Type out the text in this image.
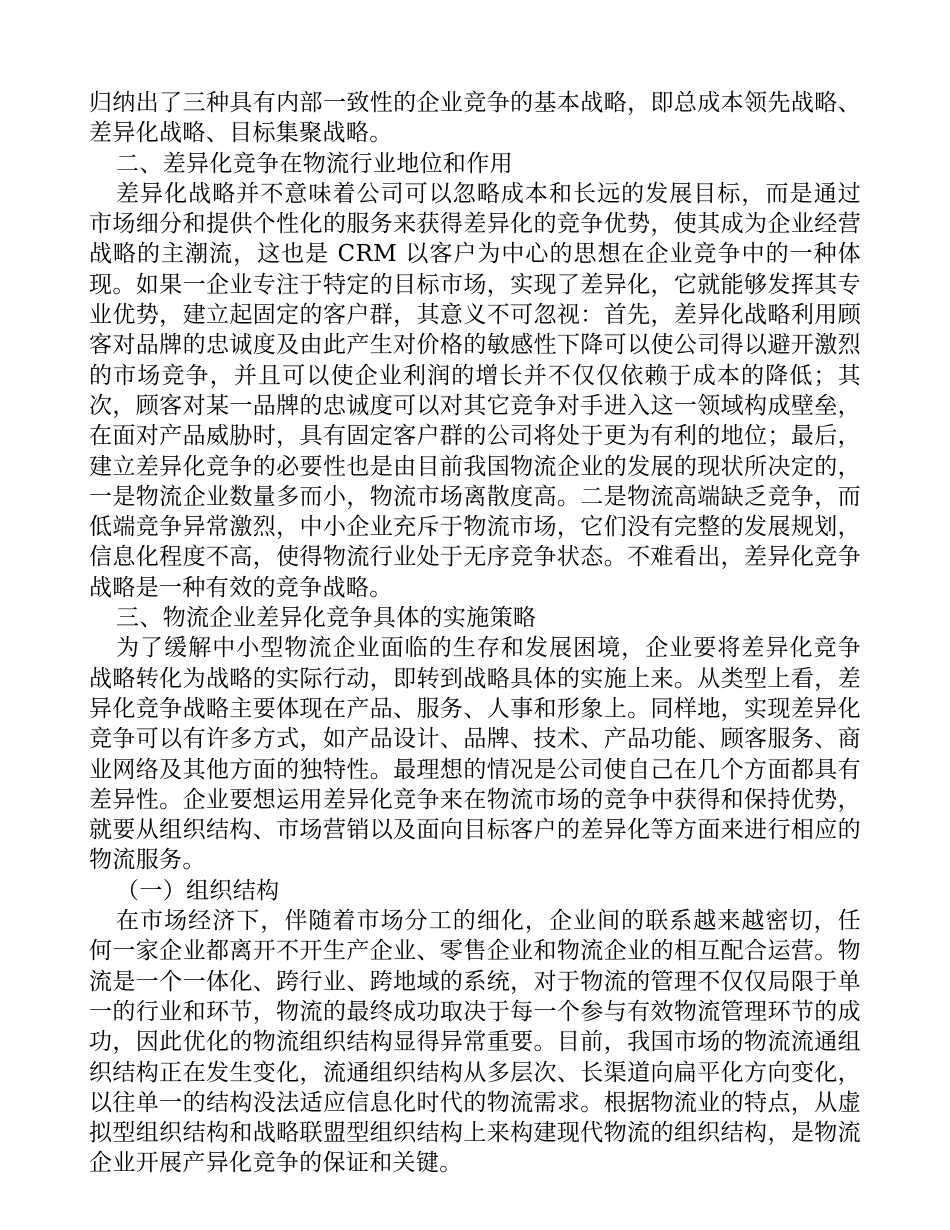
归纳出了三种具有内部一致性的企业竞争的基本战略，即总成本领先战略、差异化战略、目标集聚战略。

二、差异化竞争在物流行业地位和作用

差异化战略并不意味着公司可以忽略成本和长远的发展目标，而是通过市场细分和提供个性化的服务来获得差异化的竞争优势，使其成为企业经营战略的主潮流，这也是 CRM 以客户为中心的思想在企业竞争中的一种体现。如果一企业专注于特定的目标市场，实现了差异化，它就能够发挥其专业优势，建立起固定的客户群，其意义不可忽视：首先，差异化战略利用顾客对品牌的忠诚度及由此产生对价格的敏感性下降可以使公司得以避开激烈的市场竞争，并且可以使企业利润的增长并不仅仅依赖于成本的降低；其次，顾客对某一品牌的忠诚度可以对其它竞争对手进入这一领域构成壁垒，在面对产品威胁时，具有固定客户群的公司将处于更为有利的地位；最后，建立差异化竞争的必要性也是由目前我国物流企业的发展的现状所决定的，一是物流企业数量多而小，物流市场离散度高。二是物流高端缺乏竞争，而低端竞争异常激烈，中小企业充斥于物流市场，它们没有完整的发展规划，信息化程度不高，使得物流行业处于无序竞争状态。不难看出，差异化竞争战略是一种有效的竞争战略。

三、物流企业差异化竞争具体的实施策略

为了缓解中小型物流企业面临的生存和发展困境，企业要将差异化竞争战略转化为战略的实际行动，即转到战略具体的实施上来。从类型上看，差异化竞争战略主要体现在产品、服务、人事和形象上。同样地，实现差异化竞争可以有许多方式，如产品设计、品牌、技术、产品功能、顾客服务、商业网络及其他方面的独特性。最理想的情况是公司使自己在几个方面都具有差异性。企业要想运用差异化竞争来在物流市场的竞争中获得和保持优势，就要从组织结构、市场营销以及面向目标客户的差异化等方面来进行相应的物流服务。

（一）组织结构

在市场经济下，伴随着市场分工的细化，企业间的联系越来越密切，任何一家企业都离开不开生产企业、零售企业和物流企业的相互配合运营。物流是一个一体化、跨行业、跨地域的系统，对于物流的管理不仅仅局限于单一的行业和环节，物流的最终成功取决于每一个参与有效物流管理环节的成功，因此优化的物流组织结构显得异常重要。目前，我国市场的物流流通组织结构正在发生变化，流通组织结构从多层次、长渠道向扁平化方向变化，以往单一的结构没法适应信息化时代的物流需求。根据物流业的特点，从虚拟型组织结构和战略联盟型组织结构上来构建现代物流的组织结构，是物流企业开展产异化竞争的保证和关键。
